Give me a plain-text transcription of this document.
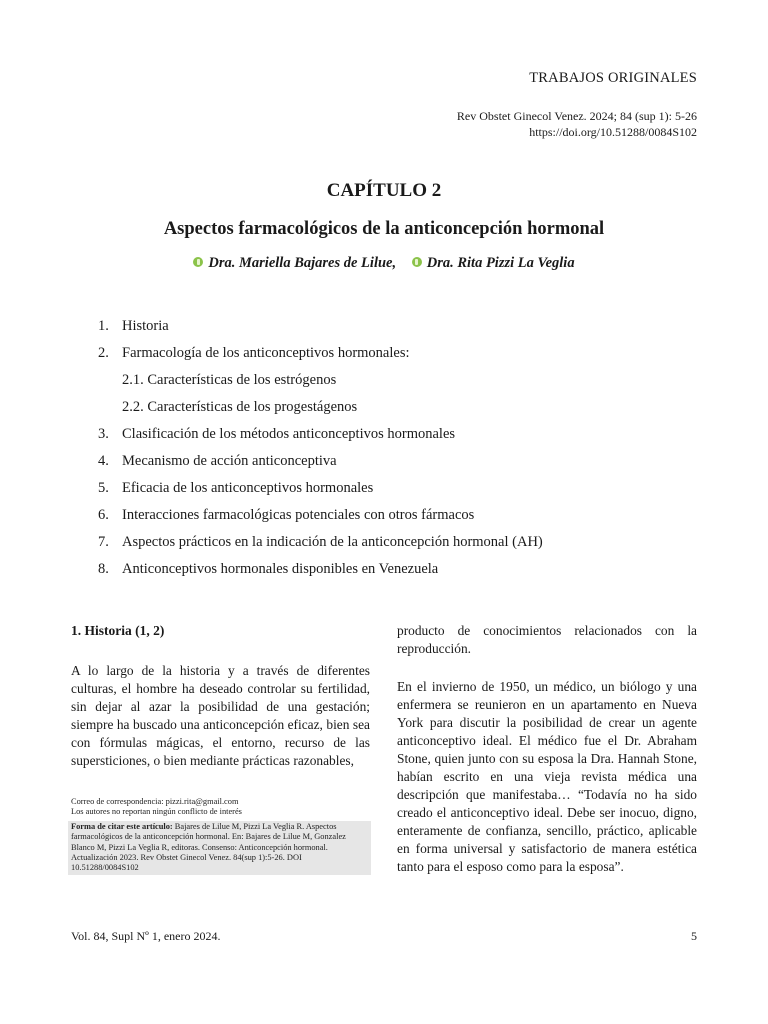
TRABAJOS ORIGINALES
Rev Obstet Ginecol Venez. 2024; 84 (sup 1): 5-26
https://doi.org/10.51288/0084S102
CAPÍTULO 2
Aspectos farmacológicos de la anticoncepción hormonal
Dra. Mariella Bajares de Lilue, Dra. Rita Pizzi La Veglia
1. Historia
2. Farmacología de los anticonceptivos hormonales:
2.1. Características de los estrógenos
2.2. Características de los progestágenos
3. Clasificación de los métodos anticonceptivos hormonales
4. Mecanismo de acción anticonceptiva
5. Eficacia de los anticonceptivos hormonales
6. Interacciones farmacológicas potenciales con otros fármacos
7. Aspectos prácticos en la indicación de la anticoncepción hormonal (AH)
8. Anticonceptivos hormonales disponibles en Venezuela
1. Historia (1, 2)
A lo largo de la historia y a través de diferentes culturas, el hombre ha deseado controlar su fertilidad, sin dejar al azar la posibilidad de una gestación; siempre ha buscado una anticoncepción eficaz, bien sea con fórmulas mágicas, el entorno, recurso de las supersticiones, o bien mediante prácticas razonables,
producto de conocimientos relacionados con la reproducción.
En el invierno de 1950, un médico, un biólogo y una enfermera se reunieron en un apartamento en Nueva York para discutir la posibilidad de crear un agente anticonceptivo ideal. El médico fue el Dr. Abraham Stone, quien junto con su esposa la Dra. Hannah Stone, habían escrito en una vieja revista médica una descripción que manifestaba… “Todavía no ha sido creado el anticonceptivo ideal. Debe ser inocuo, digno, enteramente de confianza, sencillo, práctico, aplicable en forma universal y satisfactorio de manera estética tanto para el esposo como para la esposa”.
Correo de correspondencia: pizzi.rita@gmail.com
Los autores no reportan ningún conflicto de interés
Forma de citar este artículo: Bajares de Lilue M, Pizzi La Veglia R. Aspectos farmacológicos de la anticoncepción hormonal. En: Bajares de Lilue M, Gonzalez Blanco M, Pizzi La Veglia R, editoras. Consenso: Anticoncepción hormonal. Actualización 2023. Rev Obstet Ginecol Venez. 84(sup 1):5-26. DOI 10.51288/0084S102
Vol. 84, Supl Nº 1, enero 2024.	5
